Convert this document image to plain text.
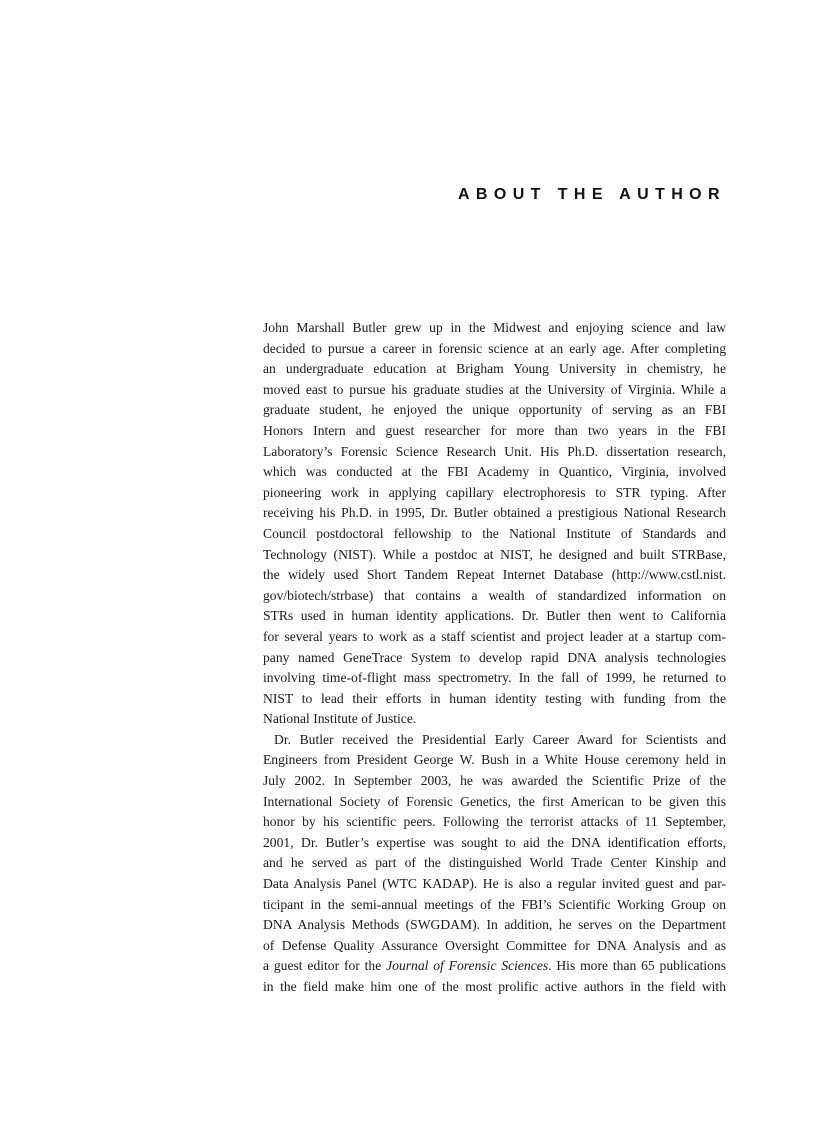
ABOUT THE AUTHOR
John Marshall Butler grew up in the Midwest and enjoying science and law
decided to pursue a career in forensic science at an early age. After completing
an undergraduate education at Brigham Young University in chemistry, he
moved east to pursue his graduate studies at the University of Virginia. While a
graduate student, he enjoyed the unique opportunity of serving as an FBI
Honors Intern and guest researcher for more than two years in the FBI
Laboratory’s Forensic Science Research Unit. His Ph.D. dissertation research,
which was conducted at the FBI Academy in Quantico, Virginia, involved
pioneering work in applying capillary electrophoresis to STR typing. After
receiving his Ph.D. in 1995, Dr. Butler obtained a prestigious National Research
Council postdoctoral fellowship to the National Institute of Standards and
Technology (NIST). While a postdoc at NIST, he designed and built STRBase,
the widely used Short Tandem Repeat Internet Database (http://www.cstl.nist.
gov/biotech/strbase) that contains a wealth of standardized information on
STRs used in human identity applications. Dr. Butler then went to California
for several years to work as a staff scientist and project leader at a startup com-
pany named GeneTrace System to develop rapid DNA analysis technologies
involving time-of-flight mass spectrometry. In the fall of 1999, he returned to
NIST to lead their efforts in human identity testing with funding from the
National Institute of Justice.
Dr. Butler received the Presidential Early Career Award for Scientists and
Engineers from President George W. Bush in a White House ceremony held in
July 2002. In September 2003, he was awarded the Scientific Prize of the
International Society of Forensic Genetics, the first American to be given this
honor by his scientific peers. Following the terrorist attacks of 11 September,
2001, Dr. Butler’s expertise was sought to aid the DNA identification efforts,
and he served as part of the distinguished World Trade Center Kinship and
Data Analysis Panel (WTC KADAP). He is also a regular invited guest and par-
ticipant in the semi-annual meetings of the FBI’s Scientific Working Group on
DNA Analysis Methods (SWGDAM). In addition, he serves on the Department
of Defense Quality Assurance Oversight Committee for DNA Analysis and as
a guest editor for the Journal of Forensic Sciences. His more than 65 publications
in the field make him one of the most prolific active authors in the field with
